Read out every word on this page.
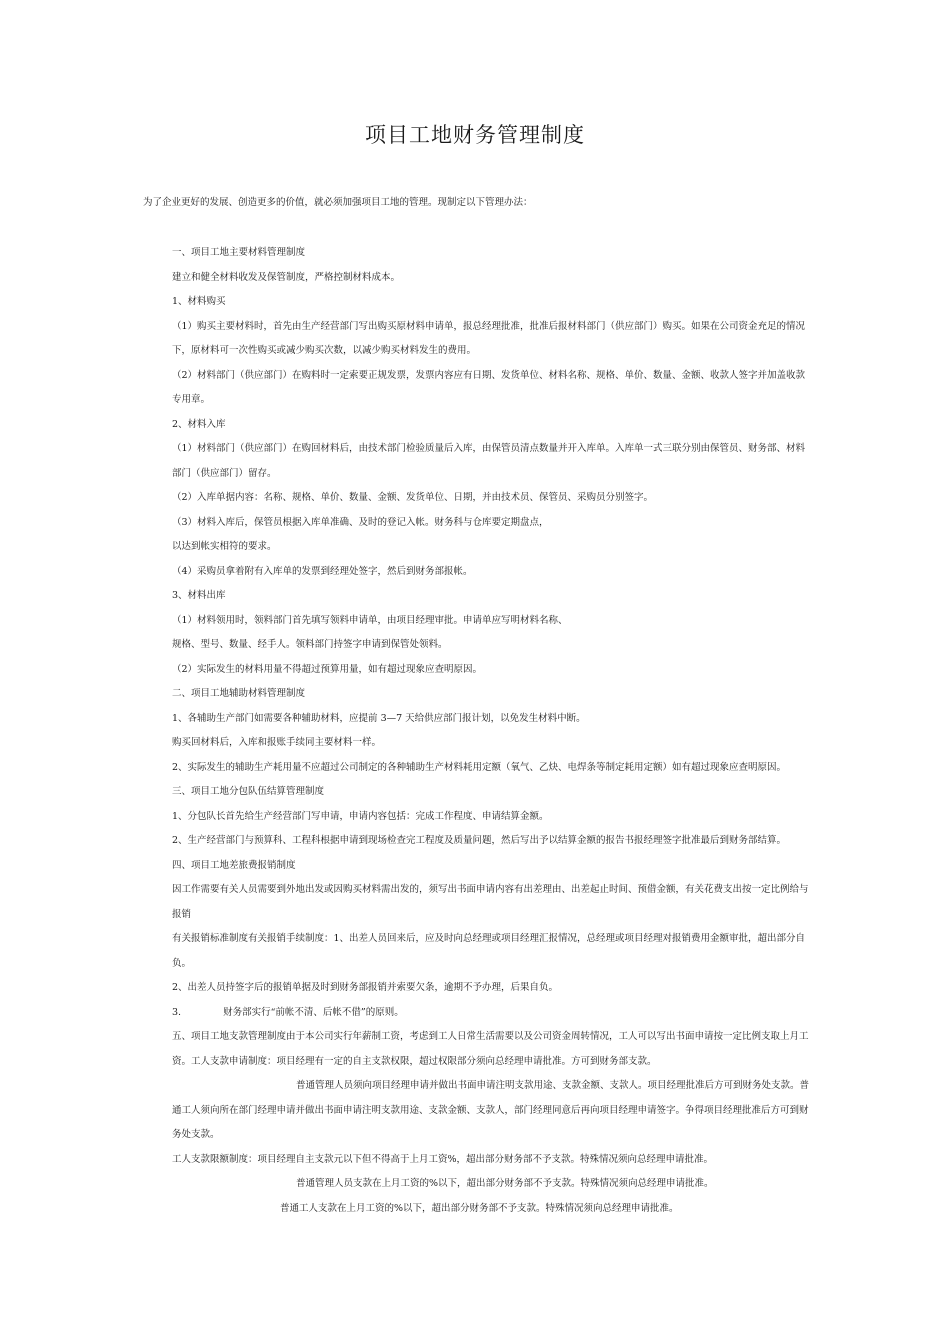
项目工地财务管理制度

为了企业更好的发展、创造更多的价值，就必须加强项目工地的管理。现制定以下管理办法：

一、项目工地主要材料管理制度

建立和健全材料收发及保管制度，严格控制材料成本。

1、材料购买

（1）购买主要材料时，首先由生产经营部门写出购买原材料申请单，报总经理批准，批准后报材料部门（供应部门）购买。如果在公司资金充足的情况

下，原材料可一次性购买或减少购买次数，以减少购买材料发生的费用。

（2）材料部门（供应部门）在购料时一定索要正规发票，发票内容应有日期、发货单位、材料名称、规格、单价、数量、金额、收款人签字并加盖收款

专用章。

2、材料入库

（1）材料部门（供应部门）在购回材料后，由技术部门检验质量后入库，由保管员清点数量并开入库单。入库单一式三联分别由保管员、财务部、材料

部门（供应部门）留存。

（2）入库单据内容：名称、规格、单价、数量、金额、发货单位、日期，并由技术员、保管员、采购员分别签字。

（3）材料入库后，保管员根据入库单准确、及时的登记入帐。财务科与仓库要定期盘点，

以达到帐实相符的要求。

（4）采购员拿着附有入库单的发票到经理处签字，然后到财务部报帐。

3、材料出库

（1）材料领用时，领料部门首先填写领料申请单，由项目经理审批。申请单应写明材料名称、

规格、型号、数量、经手人。领料部门持签字申请到保管处领料。

（2）实际发生的材料用量不得超过预算用量，如有超过现象应查明原因。

二、项目工地辅助材料管理制度

1、各辅助生产部门如需要各种辅助材料，应提前 3—7 天给供应部门报计划，以免发生材料中断。

购买回材料后，入库和报账手续同主要材料一样。

2、实际发生的辅助生产耗用量不应超过公司制定的各种辅助生产材料耗用定额（氧气、乙炔、电焊条等制定耗用定额）如有超过现象应查明原因。

三、项目工地分包队伍结算管理制度

1、分包队长首先给生产经营部门写申请，申请内容包括：完成工作程度、申请结算金额。

2、生产经营部门与预算科、工程科根据申请到现场检查完工程度及质量问题，然后写出予以结算金额的报告书报经理签字批准最后到财务部结算。

四、项目工地差旅费报销制度

因工作需要有关人员需要到外地出发或因购买材料需出发的，须写出书面申请内容有出差理由、出差起止时间、预借金额，有关花费支出按一定比例给与

报销

有关报销标准制度有关报销手续制度：1、出差人员回来后，应及时向总经理或项目经理汇报情况，总经理或项目经理对报销费用金额审批，超出部分自

负。

2、出差人员持签字后的报销单据及时到财务部报销并索要欠条，逾期不予办理，后果自负。

3.	财务部实行“前帐不清、后帐不借”的原则。

五、项目工地支款管理制度由于本公司实行年薪制工资，考虑到工人日常生活需要以及公司资金周转情况，工人可以写出书面申请按一定比例支取上月工

资。工人支款申请制度：项目经理有一定的自主支款权限，超过权限部分须向总经理申请批准。方可到财务部支款。

普通管理人员须向项目经理申请并做出书面申请注明支款用途、支款金额、支款人。项目经理批准后方可到财务处支款。普

通工人须向所在部门经理申请并做出书面申请注明支款用途、支款金额、支款人，部门经理同意后再向项目经理申请签字。争得项目经理批准后方可到财

务处支款。

工人支款限额制度：项目经理自主支款元以下但不得高于上月工资%，超出部分财务部不予支款。特殊情况须向总经理申请批准。

普通管理人员支款在上月工资的%以下，超出部分财务部不予支款。特殊情况须向总经理申请批准。

普通工人支款在上月工资的%以下，超出部分财务部不予支款。特殊情况须向总经理申请批准。
